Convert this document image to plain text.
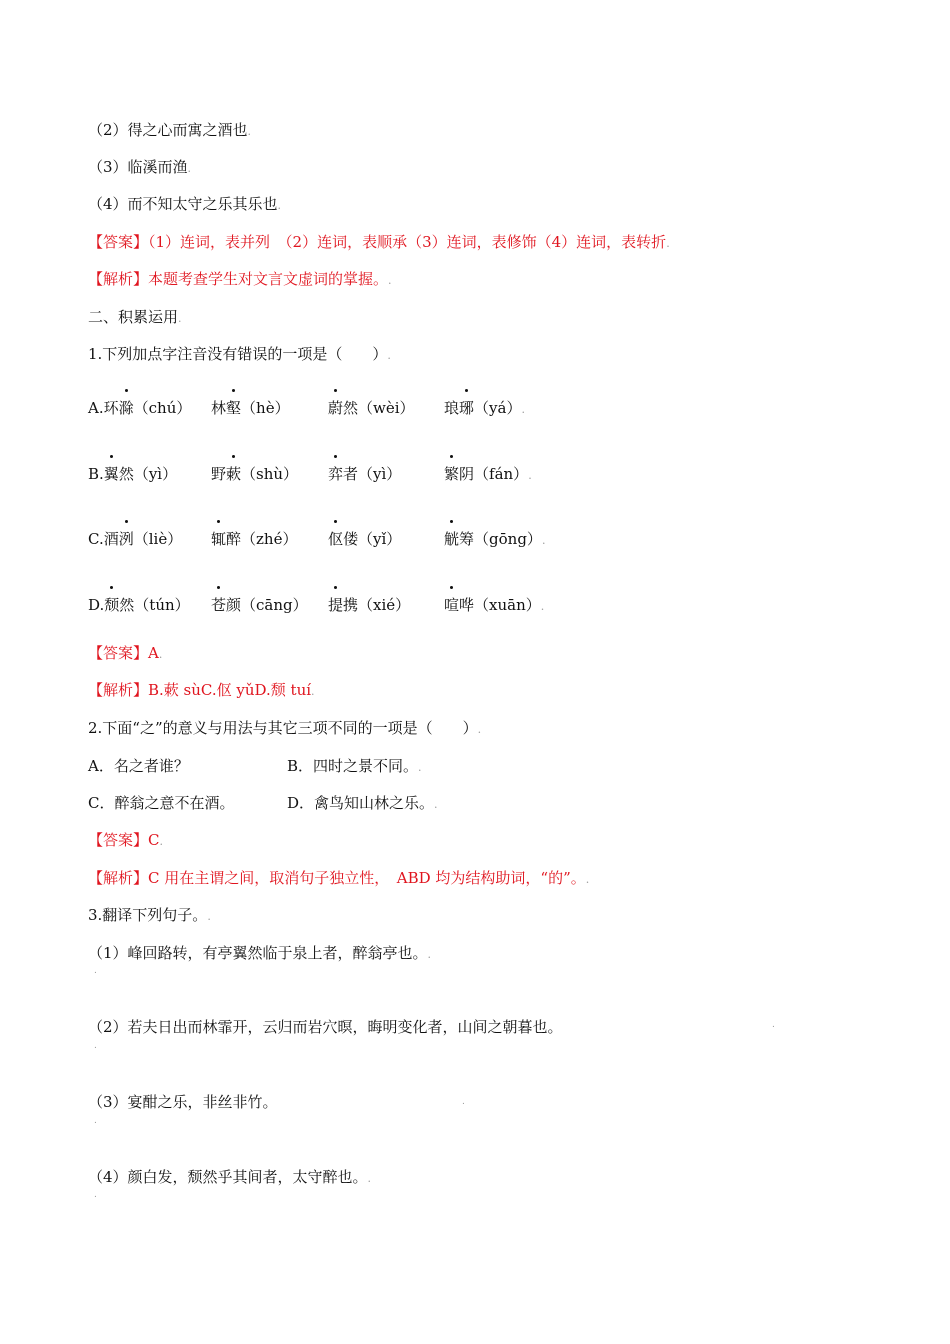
（2）得之心而寓之酒也.
（3）临溪而渔.
（4）而不知太守之乐其乐也.
【答案】（1）连词，表并列　（2）连词，表顺承（3）连词，表修饰（4）连词，表转折.
【解析】本题考查学生对文言文虚词的掌握。.
二、积累运用.
1.下列加点字注音没有错误的一项是（　　）.
A.环滁（chú） 林壑（hè）	蔚然（wèi） 琅琊（yá）.
B.翼然（yì） 野蔌（shù） 弈者（yì）	繁阴（fán）.
C.酒洌（liè） 辄醉（zhé） 伛偻（yǐ）	觥筹（gōng）.
D.颓然（tún） 苍颜（cāng） 提携（xié） 喧哗（xuān）.
【答案】A.
【解析】B.蔌 sùC.伛 yǔD.颓 tuí.
2.下面“之”的意义与用法与其它三项不同的一项是（　　）.
A．名之者谁？	B．四时之景不同。.
C．醉翁之意不在酒。	D．禽鸟知山林之乐。.
【答案】C.
【解析】C 用在主谓之间，取消句子独立性，　ABD 均为结构助词，“的”。.
3.翻译下列句子。.
（1）峰回路转，有亭翼然临于泉上者，醉翁亭也。.
.
（2）若夫日出而林霏开，云归而岩穴暝，晦明变化者，山间之朝暮也。	.
.
（3）宴酣之乐，非丝非竹。	.
.
（4）颜白发，颓然乎其间者，太守醉也。.
.
